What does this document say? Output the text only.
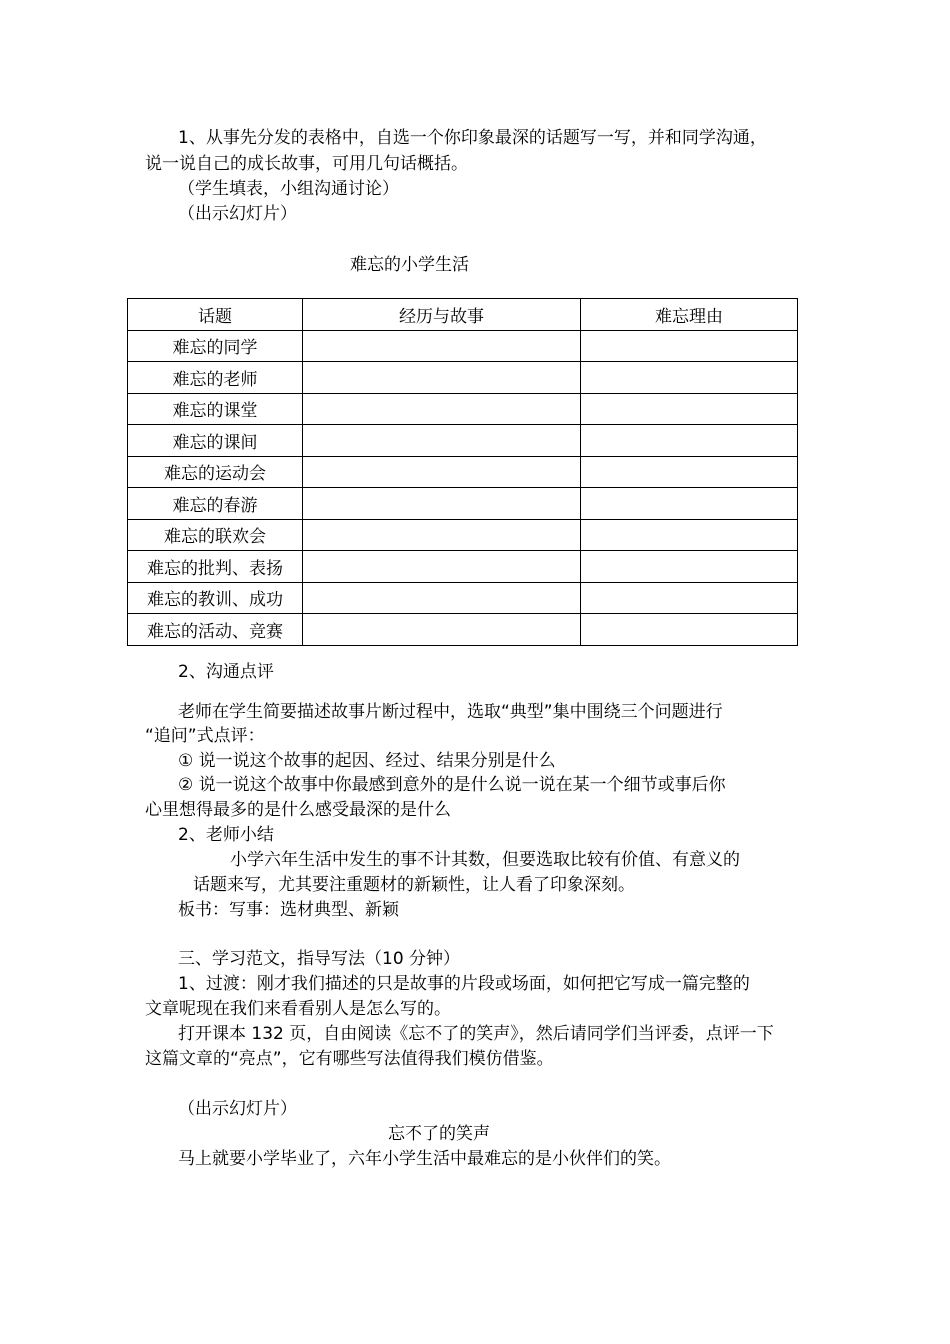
1、从事先分发的表格中，自选一个你印象最深的话题写一写，并和同学沟通，
说一说自己的成长故事，可用几句话概括。
（学生填表，小组沟通讨论）
（出示幻灯片）
难忘的小学生活
话题	经历与故事	难忘理由
难忘的同学		
难忘的老师		
难忘的课堂		
难忘的课间		
难忘的运动会		
难忘的春游		
难忘的联欢会		
难忘的批判、表扬		
难忘的教训、成功		
难忘的活动、竞赛		
2、沟通点评
老师在学生简要描述故事片断过程中，选取“典型”集中围绕三个问题进行
“追问”式点评：
① 说一说这个故事的起因、经过、结果分别是什么
② 说一说这个故事中你最感到意外的是什么说一说在某一个细节或事后你
心里想得最多的是什么感受最深的是什么
2、老师小结
小学六年生活中发生的事不计其数，但要选取比较有价值、有意义的
话题来写，尤其要注重题材的新颖性，让人看了印象深刻。
板书：写事：选材典型、新颖
三、学习范文，指导写法（10 分钟）
1、过渡：刚才我们描述的只是故事的片段或场面，如何把它写成一篇完整的
文章呢现在我们来看看别人是怎么写的。
打开课本 132 页，自由阅读《忘不了的笑声》，然后请同学们当评委，点评一下
这篇文章的“亮点”，它有哪些写法值得我们模仿借鉴。
（出示幻灯片）
忘不了的笑声
马上就要小学毕业了，六年小学生活中最难忘的是小伙伴们的笑。
